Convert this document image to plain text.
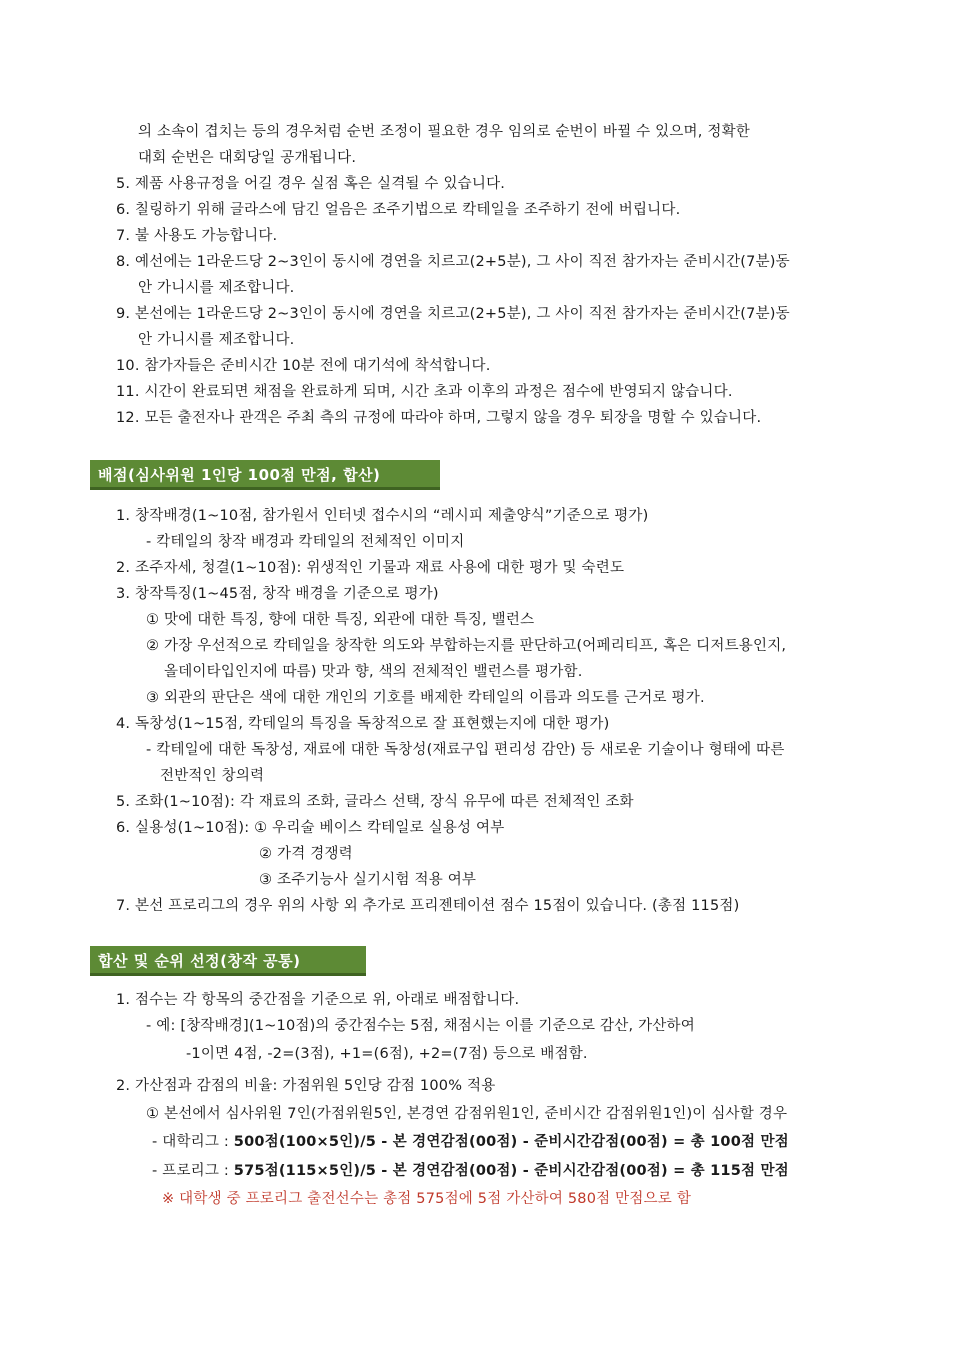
의 소속이 겹치는 등의 경우처럼 순번 조정이 필요한 경우 임의로 순번이 바뀔 수 있으며, 정확한
대회 순번은 대회당일 공개됩니다.
5. 제품 사용규정을 어길 경우 실점 혹은 실격될 수 있습니다.
6. 칠링하기 위해 글라스에 담긴 얼음은 조주기법으로 칵테일을 조주하기 전에 버립니다.
7. 불 사용도 가능합니다.
8. 예선에는 1라운드당 2~3인이 동시에 경연을 치르고(2+5분), 그 사이 직전 참가자는 준비시간(7분)동
안 가니시를 제조합니다.
9. 본선에는 1라운드당 2~3인이 동시에 경연을 치르고(2+5분), 그 사이 직전 참가자는 준비시간(7분)동
안 가니시를 제조합니다.
10. 참가자들은 준비시간 10분 전에 대기석에 착석합니다.
11. 시간이 완료되면 채점을 완료하게 되며, 시간 초과 이후의 과정은 점수에 반영되지 않습니다.
12. 모든 출전자나 관객은 주최 측의 규정에 따라야 하며, 그렇지 않을 경우 퇴장을 명할 수 있습니다.
배점(심사위원 1인당 100점 만점, 합산)
1. 창작배경(1~10점, 참가원서 인터넷 접수시의 “레시피 제출양식”기준으로 평가)
- 칵테일의 창작 배경과 칵테일의 전체적인 이미지
2. 조주자세, 청결(1~10점): 위생적인 기물과 재료 사용에 대한 평가 및 숙련도
3. 창작특징(1~45점, 창작 배경을 기준으로 평가)
① 맛에 대한 특징, 향에 대한 특징, 외관에 대한 특징, 밸런스
② 가장 우선적으로 칵테일을 창작한 의도와 부합하는지를 판단하고(어페리티프, 혹은 디저트용인지,
올데이타입인지에 따름) 맛과 향, 색의 전체적인 밸런스를 평가함.
③ 외관의 판단은 색에 대한 개인의 기호를 배제한 칵테일의 이름과 의도를 근거로 평가.
4. 독창성(1~15점, 칵테일의 특징을 독창적으로 잘 표현했는지에 대한 평가)
- 칵테일에 대한 독창성, 재료에 대한 독창성(재료구입 편리성 감안) 등 새로운 기술이나 형태에 따른
전반적인 창의력
5. 조화(1~10점): 각 재료의 조화, 글라스 선택, 장식 유무에 따른 전체적인 조화
6. 실용성(1~10점): ① 우리술 베이스 칵테일로 실용성 여부
② 가격 경쟁력
③ 조주기능사 실기시험 적용 여부
7. 본선 프로리그의 경우 위의 사항 외 추가로 프리젠테이션 점수 15점이 있습니다. (총점 115점)
합산 및 순위 선정(창작 공통)
1. 점수는 각 항목의 중간점을 기준으로 위, 아래로 배점합니다.
- 예: [창작배경](1~10점)의 중간점수는 5점, 채점시는 이를 기준으로 감산, 가산하여
-1이면 4점, -2=(3점), +1=(6점), +2=(7점) 등으로 배점함.
2. 가산점과 감점의 비율: 가점위원 5인당 감점 100% 적용
① 본선에서 심사위원 7인(가점위원5인, 본경연 감점위원1인, 준비시간 감점위원1인)이 심사할 경우
- 대학리그 : 500점(100×5인)/5 - 본 경연감점(00점) - 준비시간감점(00점) = 총 100점 만점
- 프로리그 : 575점(115×5인)/5 - 본 경연감점(00점) - 준비시간감점(00점) = 총 115점 만점
※ 대학생 중 프로리그 출전선수는 총점 575점에 5점 가산하여 580점 만점으로 함
